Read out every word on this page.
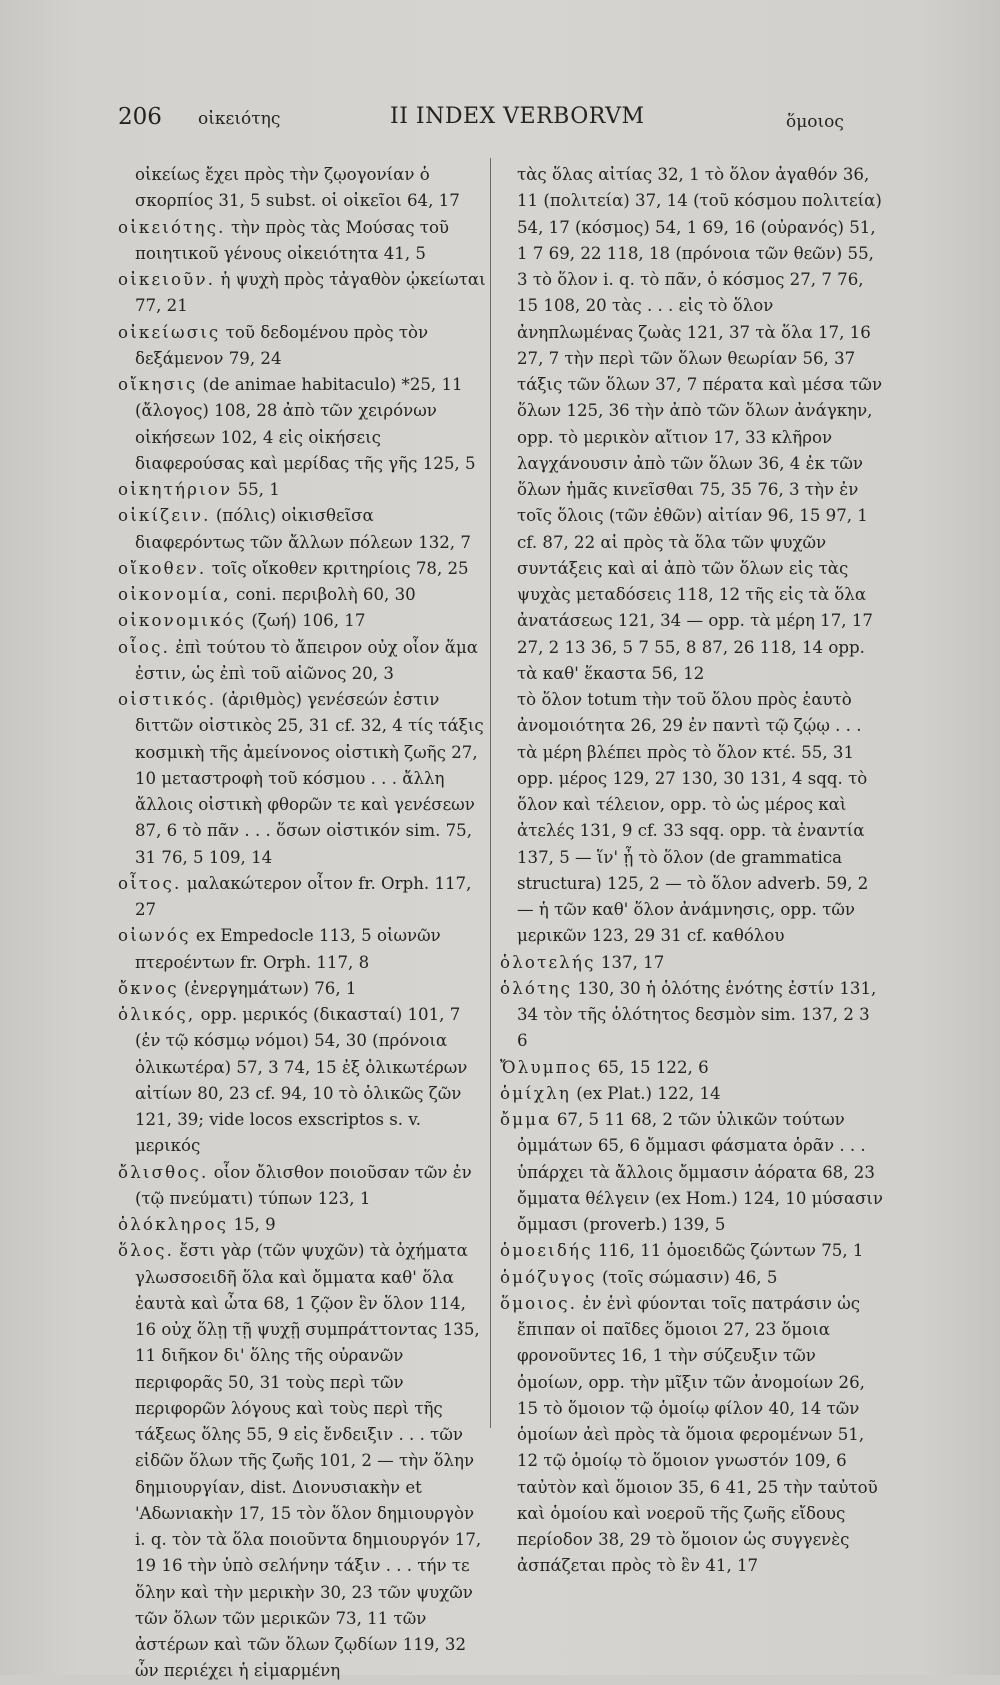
206 οἰκειότης	II INDEX VERBORVM	ὅμοιος

οἰκείως ἔχει πρὸς τὴν ζῳογονίαν ὁ σκορπίος 31, 5 subst. οἱ οἰκεῖοι 64, 17

οἰκειότης. τὴν πρὸς τὰς Μούσας τοῦ ποιητικοῦ γένους οἰκειότητα 41, 5

οἰκειοῦν. ἡ ψυχὴ πρὸς τἀγαθὸν ᾠκείωται 77, 21

οἰκείωσις τοῦ δεδομένου πρὸς τὸν δεξάμενον 79, 24

οἴκησις (de animae habitaculo) *25, 11 (ἄλογος) 108, 28 ἀπὸ τῶν χειρόνων οἰκήσεων 102, 4 εἰς οἰκήσεις διαφερούσας καὶ μερίδας τῆς γῆς 125, 5

οἰκητήριον 55, 1

οἰκίζειν. (πόλις) οἰκισθεῖσα διαφερόντως τῶν ἄλλων πόλεων 132, 7

οἴκοθεν. τοῖς οἴκοθεν κριτηρίοις 78, 25

οἰκονομία, coni. περιβολὴ 60, 30

οἰκονομικός (ζωή) 106, 17

οἷος. ἐπὶ τούτου τὸ ἄπειρον οὐχ οἷον ἅμα ἐστιν, ὡς ἐπὶ τοῦ αἰῶνος 20, 3

οἰστικός. (ἀριθμὸς) γενέσεών ἐστιν διττῶν οἰστικὸς 25, 31 cf. 32, 4 τίς τάξις κοσμικὴ τῆς ἀμείνονος οἰστικὴ ζωῆς 27, 10 μεταστροφὴ τοῦ κόσμου . . . ἄλλη ἄλλοις οἰστικὴ φθορῶν τε καὶ γενέσεων 87, 6 τὸ πᾶν . . . ὅσων οἰστικόν sim. 75, 31 76, 5 109, 14

οἶτος. μαλακώτερον οἶτον fr. Orph. 117, 27

οἰωνός ex Empedocle 113, 5 οἰωνῶν πτερoέντων fr. Orph. 117, 8

ὄκνος (ἐνεργημάτων) 76, 1

ὁλικός, opp. μερικός (δικασταί) 101, 7 (ἐν τῷ κόσμῳ νόμοι) 54, 30 (πρόνοια ὁλικωτέρα) 57, 3 74, 15 ἐξ ὁλικωτέρων αἰτίων 80, 23 cf. 94, 10 τὸ ὁλικῶς ζῶν 121, 39; vide locos exscriptos s. v. μερικός

ὄλισθος. οἷον ὄλισθον ποιοῦσαν τῶν ἐν (τῷ πνεύματι) τύπων 123, 1

ὁλόκληρος 15, 9

ὅλος. ἔστι γὰρ (τῶν ψυχῶν) τὰ ὀχήματα γλωσσοειδῆ ὅλα καὶ ὄμματα καθ' ὅλα ἑαυτὰ καὶ ὦτα 68, 1 ζῷον ἓν ὅλον 114, 16 οὐχ ὅλῃ τῇ ψυχῇ συμπράττοντας 135, 11 διῆκον δι' ὅλης τῆς οὐρανῶν περιφορᾶς 50, 31 τοὺς περὶ τῶν περιφορῶν λόγους καὶ τοὺς περὶ τῆς τάξεως ὅλης 55, 9 εἰς ἔνδειξιν . . . τῶν εἰδῶν ὅλων τῆς ζωῆς 101, 2 — τὴν ὅλην δημιουργίαν, dist. Διονυσιακὴν et 'Αδωνιακὴν 17, 15 τὸν ὅλον δημιουργὸν i. q. τὸν τὰ ὅλα ποιοῦντα δημιουργόν 17, 19 16 τὴν ὑπὸ σελήνην τάξιν . . . τήν τε ὅλην καὶ τὴν μερικὴν 30, 23 τῶν ψυχῶν τῶν ὅλων τῶν μερικῶν 73, 11 τῶν ἀστέρων καὶ τῶν ὅλων ζῳδίων 119, 32 ὧν περιέχει ἡ εἱμαρμένη

τὰς ὅλας αἰτίας 32, 1 τὸ ὅλον ἀγαθόν 36, 11 (πολιτεία) 37, 14 (τοῦ κόσμου πολιτεία) 54, 17 (κόσμος) 54, 1 69, 16 (οὐρανός) 51, 1 7 69, 22 118, 18 (πρόνοια τῶν θεῶν) 55, 3 τὸ ὅλον i. q. τὸ πᾶν, ὁ κόσμος 27, 7 76, 15 108, 20 τὰς . . . εἰς τὸ ὅλον ἀνηπλωμένας ζωὰς 121, 37 τὰ ὅλα 17, 16 27, 7 τὴν περὶ τῶν ὅλων θεωρίαν 56, 37 τάξις τῶν ὅλων 37, 7 πέρατα καὶ μέσα τῶν ὅλων 125, 36 τὴν ἀπὸ τῶν ὅλων ἀνάγκην, opp. τὸ μερικὸν αἴτιον 17, 33 κλῆρον λαγχάνουσιν ἀπὸ τῶν ὅλων 36, 4 ἐκ τῶν ὅλων ἡμᾶς κινεῖσθαι 75, 35 76, 3 τὴν ἐν τοῖς ὅλοις (τῶν ἐθῶν) αἰτίαν 96, 15 97, 1 cf. 87, 22 αἱ πρὸς τὰ ὅλα τῶν ψυχῶν συντάξεις καὶ αἱ ἀπὸ τῶν ὅλων εἰς τὰς ψυχὰς μεταδόσεις 118, 12 τῆς εἰς τὰ ὅλα ἀνατάσεως 121, 34 — opp. τὰ μέρη 17, 17 27, 2 13 36, 5 7 55, 8 87, 26 118, 14 opp. τὰ καθ' ἕκαστα 56, 12

τὸ ὅλον totum τὴν τοῦ ὅλου πρὸς ἑαυτὸ ἀνομοιότητα 26, 29 ἐν παντὶ τῷ ζῴῳ . . . τὰ μέρη βλέπει πρὸς τὸ ὅλον κτέ. 55, 31 opp. μέρος 129, 27 130, 30 131, 4 sqq. τὸ ὅλον καὶ τέλειον, opp. τὸ ὡς μέρος καὶ ἀτελές 131, 9 cf. 33 sqq. opp. τὰ ἐναντία 137, 5 — ἵν' ᾖ τὸ ὅλον (de grammatica structura) 125, 2 — τὸ ὅλον adverb. 59, 2 — ἡ τῶν καθ' ὅλον ἀνάμνησις, opp. τῶν μερικῶν 123, 29 31 cf. καθόλου

ὁλοτελής 137, 17

ὁλότης 130, 30 ἡ ὁλότης ἑνότης ἐστίν 131, 34 τὸν τῆς ὁλότητος δεσμὸν sim. 137, 2 3 6

Ὄλυμπος 65, 15 122, 6

ὁμίχλη (ex Plat.) 122, 14

ὄμμα 67, 5 11 68, 2 τῶν ὑλικῶν τούτων ὀμμάτων 65, 6 ὄμμασι φάσματα ὁρᾶν . . . ὑπάρχει τὰ ἄλλοις ὄμμασιν ἀόρατα 68, 23 ὄμματα θέλγειν (ex Hom.) 124, 10 μύσασιν ὄμμασι (proverb.) 139, 5

ὁμοειδής 116, 11 ὁμοειδῶς ζώντων 75, 1

ὁμόζυγος (τοῖς σώμασιν) 46, 5

ὅμοιος. ἐν ἑνὶ φύονται τοῖς πατράσιν ὡς ἔπιπαν οἱ παῖδες ὅμοιοι 27, 23 ὅμοια φρονοῦντες 16, 1 τὴν σύζευξιν τῶν ὁμοίων, opp. τὴν μῖξιν τῶν ἀνομοίων 26, 15 τὸ ὅμοιον τῷ ὁμοίῳ φίλον 40, 14 τῶν ὁμοίων ἀεὶ πρὸς τὰ ὅμοια φερομένων 51, 12 τῷ ὁμοίῳ τὸ ὅμοιον γνωστόν 109, 6 ταὐτὸν καὶ ὅμοιον 35, 6 41, 25 τὴν ταὐτοῦ καὶ ὁμοίου καὶ νοεροῦ τῆς ζωῆς εἴδους περίοδον 38, 29 τὸ ὅμοιον ὡς συγγενὲς ἀσπάζεται πρὸς τὸ ἓν 41, 17
